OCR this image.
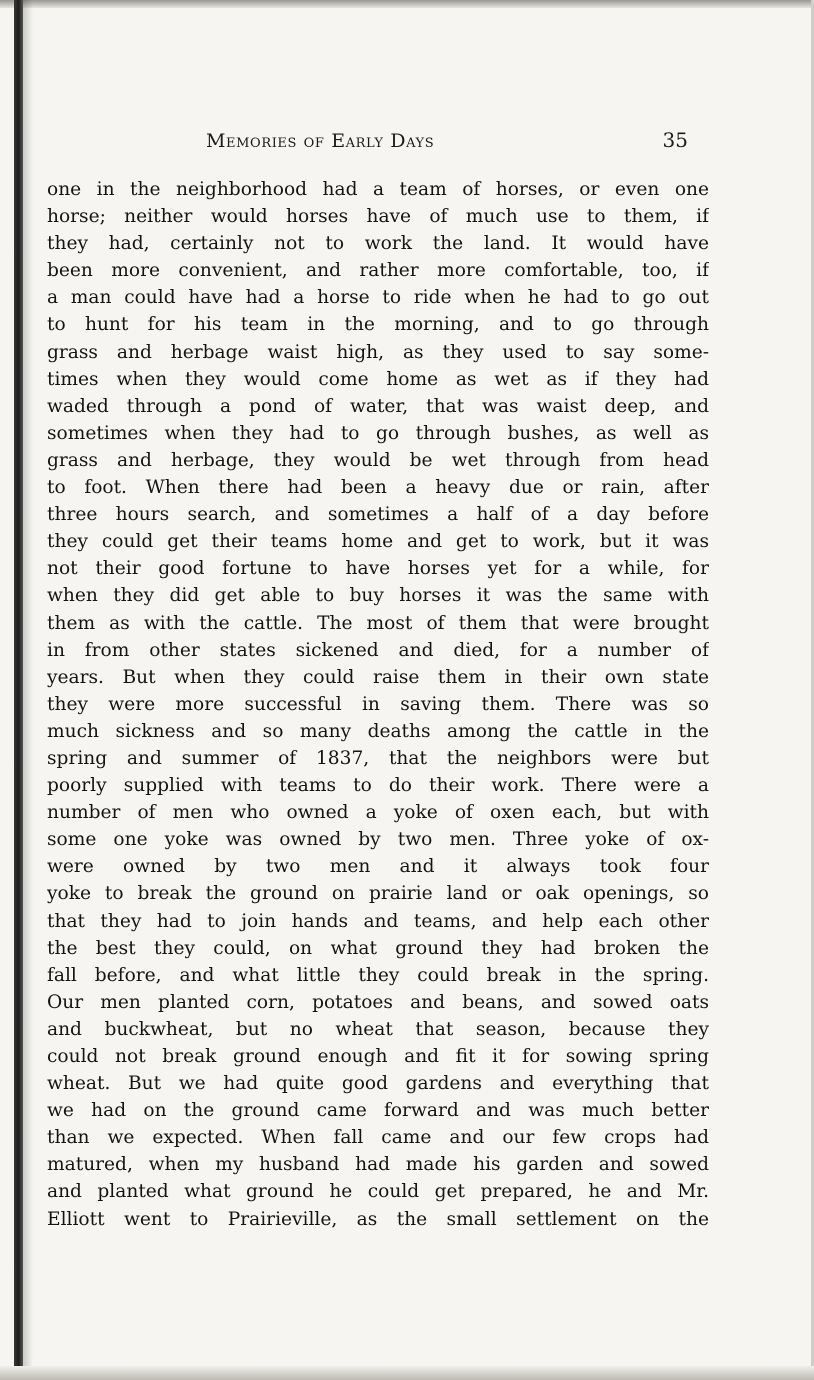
Memories of Early Days	35
one in the neighborhood had a team of horses, or even one
horse; neither would horses have of much use to them, if
they had, certainly not to work the land. It would have
been more convenient, and rather more comfortable, too, if
a man could have had a horse to ride when he had to go out
to hunt for his team in the morning, and to go through
grass and herbage waist high, as they used to say some-
times when they would come home as wet as if they had
waded through a pond of water, that was waist deep, and
sometimes when they had to go through bushes, as well as
grass and herbage, they would be wet through from head
to foot. When there had been a heavy due or rain, after
three hours search, and sometimes a half of a day before
they could get their teams home and get to work, but it was
not their good fortune to have horses yet for a while, for
when they did get able to buy horses it was the same with
them as with the cattle. The most of them that were brought
in from other states sickened and died, for a number of
years. But when they could raise them in their own state
they were more successful in saving them. There was so
much sickness and so many deaths among the cattle in the
spring and summer of 1837, that the neighbors were but
poorly supplied with teams to do their work. There were a
number of men who owned a yoke of oxen each, but with
some one yoke was owned by two men. Three yoke of ox-
were owned by two men and it always took four
yoke to break the ground on prairie land or oak openings, so
that they had to join hands and teams, and help each other
the best they could, on what ground they had broken the
fall before, and what little they could break in the spring.
Our men planted corn, potatoes and beans, and sowed oats
and buckwheat, but no wheat that season, because they
could not break ground enough and fit it for sowing spring
wheat. But we had quite good gardens and everything that
we had on the ground came forward and was much better
than we expected. When fall came and our few crops had
matured, when my husband had made his garden and sowed
and planted what ground he could get prepared, he and Mr.
Elliott went to Prairieville, as the small settlement on the
